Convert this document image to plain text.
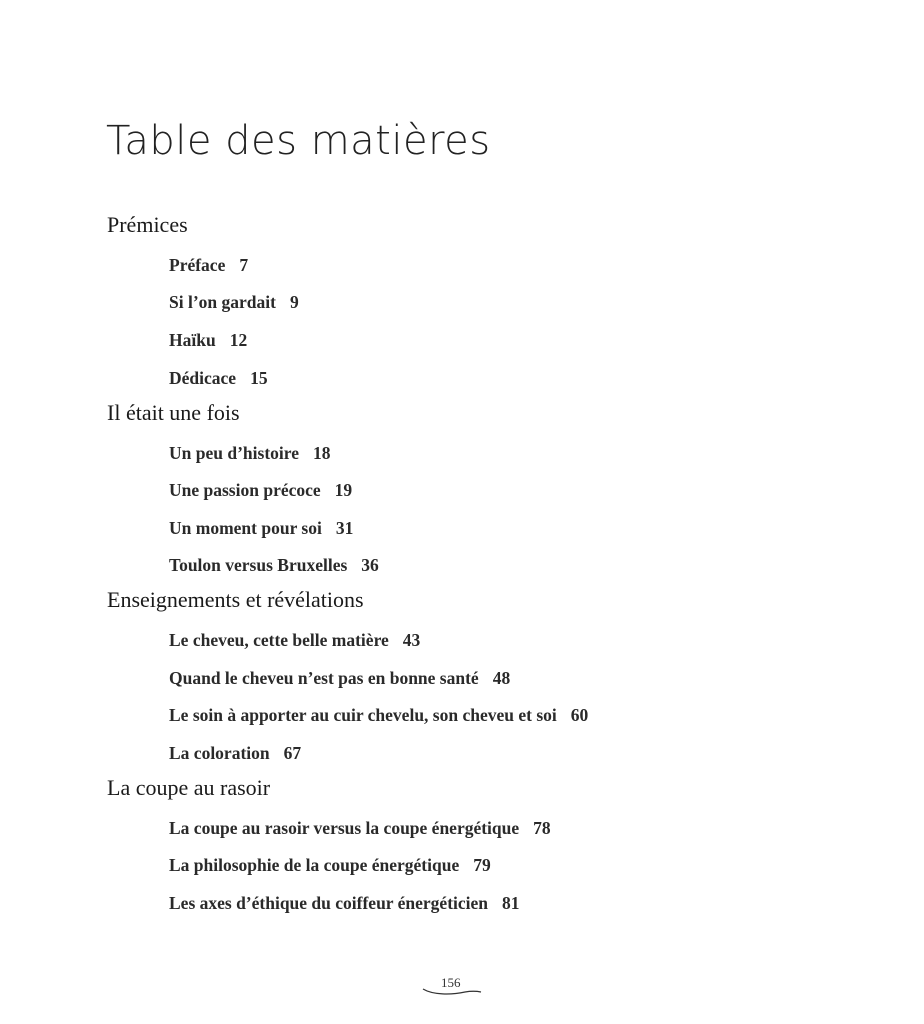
Table des matières
Prémices
Préface 7
Si l’on gardait 9
Haïku 12
Dédicace 15
Il était une fois
Un peu d’histoire 18
Une passion précoce 19
Un moment pour soi 31
Toulon versus Bruxelles 36
Enseignements et révélations
Le cheveu, cette belle matière 43
Quand le cheveu n’est pas en bonne santé 48
Le soin à apporter au cuir chevelu, son cheveu et soi 60
La coloration 67
La coupe au rasoir
La coupe au rasoir versus la coupe énergétique 78
La philosophie de la coupe énergétique 79
Les axes d’éthique du coiffeur énergéticien 81
156
